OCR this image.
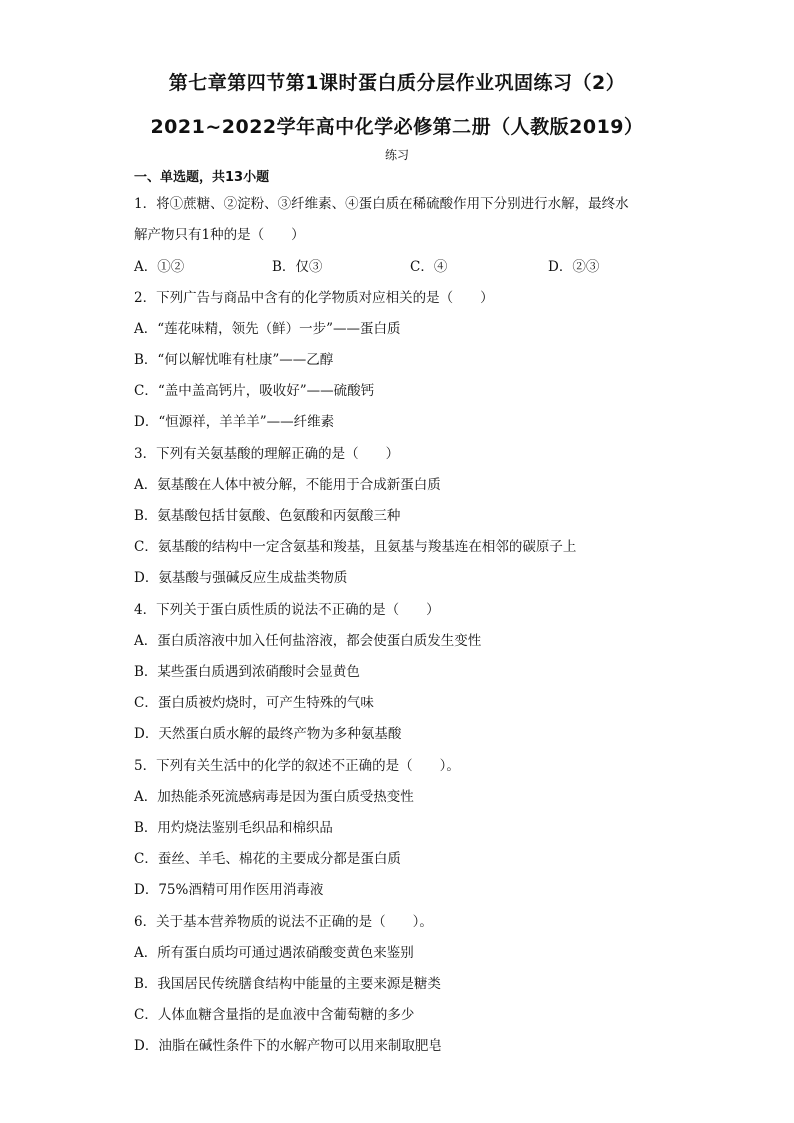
第七章第四节第1课时蛋白质分层作业巩固练习（2）
2021~2022学年高中化学必修第二册（人教版2019）
练习
一、单选题，共13小题
1．将①蔗糖、②淀粉、③纤维素、④蛋白质在稀硫酸作用下分别进行水解，最终水
解产物只有1种的是（　　）
A．①②	B．仅③	C．④	D．②③
2．下列广告与商品中含有的化学物质对应相关的是（　　）
A．“莲花味精，领先（鲜）一步”——蛋白质
B．“何以解忧唯有杜康”——乙醇
C．“盖中盖高钙片，吸收好”——硫酸钙
D．“恒源祥，羊羊羊”——纤维素
3．下列有关氨基酸的理解正确的是（　　）
A．氨基酸在人体中被分解，不能用于合成新蛋白质
B．氨基酸包括甘氨酸、色氨酸和丙氨酸三种
C．氨基酸的结构中一定含氨基和羧基，且氨基与羧基连在相邻的碳原子上
D．氨基酸与强碱反应生成盐类物质
4．下列关于蛋白质性质的说法不正确的是（　　）
A．蛋白质溶液中加入任何盐溶液，都会使蛋白质发生变性
B．某些蛋白质遇到浓硝酸时会显黄色
C．蛋白质被灼烧时，可产生特殊的气味
D．天然蛋白质水解的最终产物为多种氨基酸
5．下列有关生活中的化学的叙述不正确的是（　　）。
A．加热能杀死流感病毒是因为蛋白质受热变性
B．用灼烧法鉴别毛织品和棉织品
C．蚕丝、羊毛、棉花的主要成分都是蛋白质
D．75%酒精可用作医用消毒液
6．关于基本营养物质的说法不正确的是（　　）。
A．所有蛋白质均可通过遇浓硝酸变黄色来鉴别
B．我国居民传统膳食结构中能量的主要来源是糖类
C．人体血糖含量指的是血液中含葡萄糖的多少
D．油脂在碱性条件下的水解产物可以用来制取肥皂
